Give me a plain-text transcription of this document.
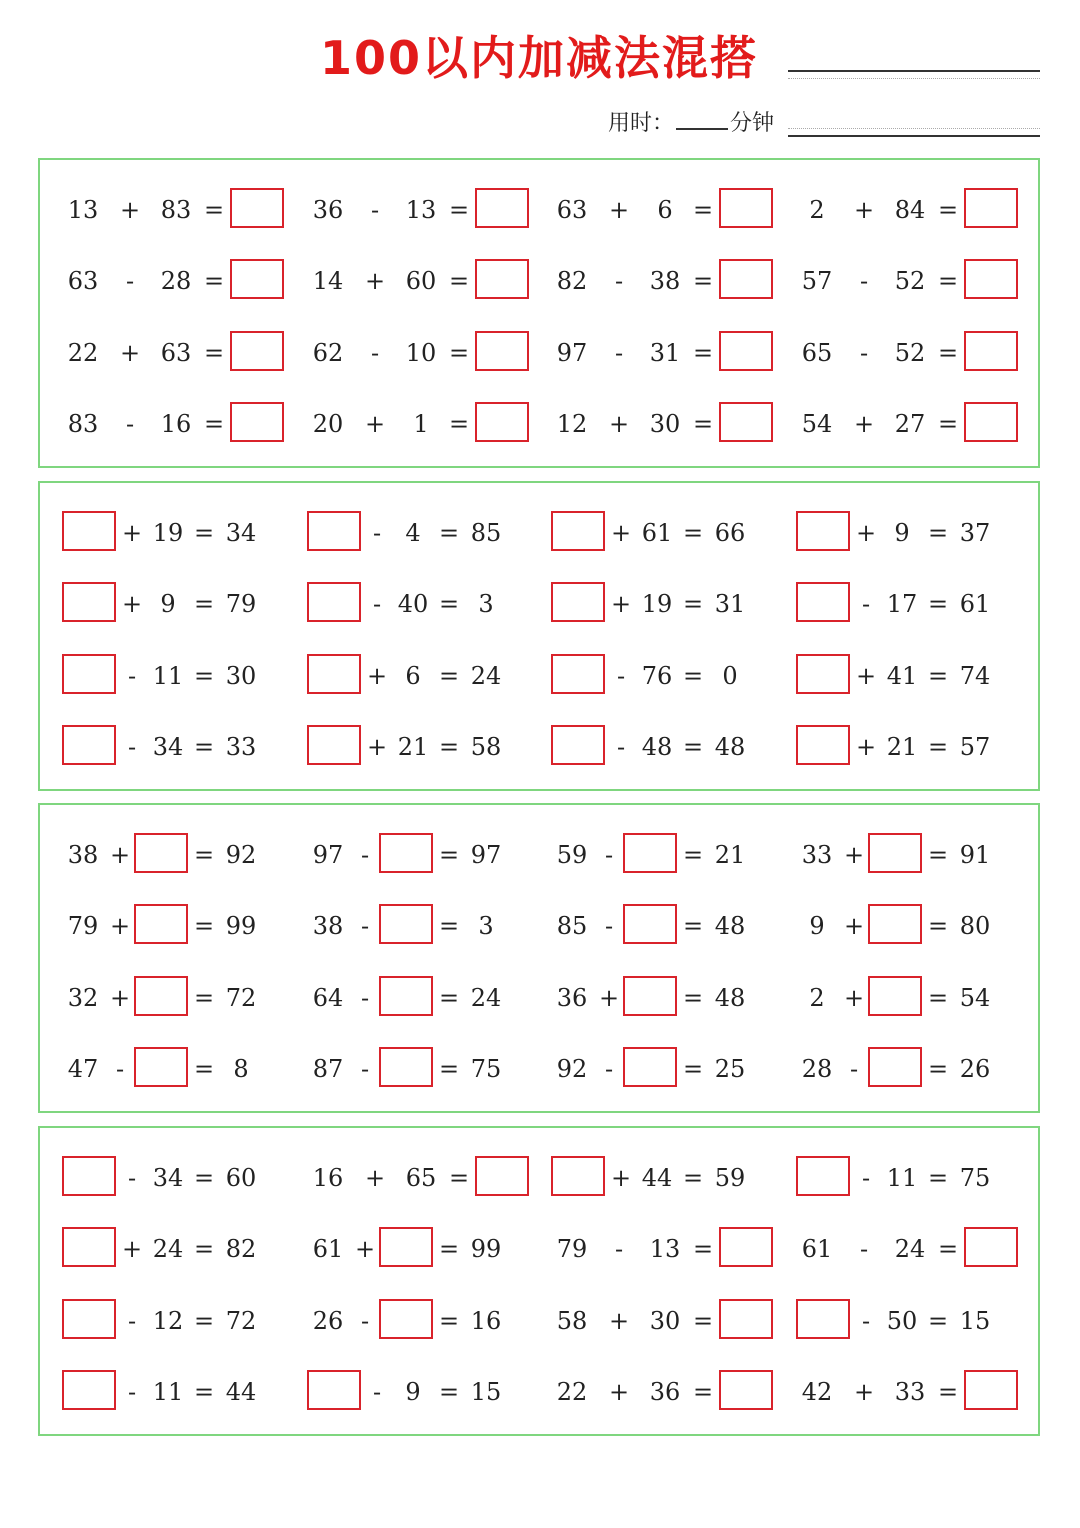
100以内加减法混搭
用时：	分钟
13 + 83 =	36	-	13 =	63 +	6 =	2	+ 84 =
63	-	28 =	14 + 60 =	82	-	38 =	57	-	52 =
22 + 63 =	62	-	10 =	97	-	31 =	65	-	52 =
83	-	16 =	20 +	1 =	12 + 30 =	54 + 27 =
+ 19 = 34	-	4 = 85	+ 61 = 66	+ 9 = 37
+ 9 = 79	- 40 = 3	+ 19 = 31	- 17 = 61
- 11 = 30	+ 6 = 24	- 76 = 0	+ 41 = 74
- 34 = 33	+ 21 = 58	- 48 = 48	+ 21 = 57
38 +	= 92 97 -	= 97 59 -	= 21 33 +	= 91
79 +	= 99 38 -	= 3	85 -	= 48	9 +	= 80
32 +	= 72 64 -	= 24 36 +	= 48	2 +	= 54
47 -	= 8	87 -	= 75 92 -	= 25 28 -	= 26
- 34 = 60 16 + 65 =	+ 44 = 59	- 11 = 75
+ 24 = 82 61 +	= 99 79	-	13 =	61	-	24 =
- 12 = 72 26 -	= 16 58 + 30 =	- 50 = 15
- 11 = 44	-	9 = 15 22 + 36 =	42 + 33 =
